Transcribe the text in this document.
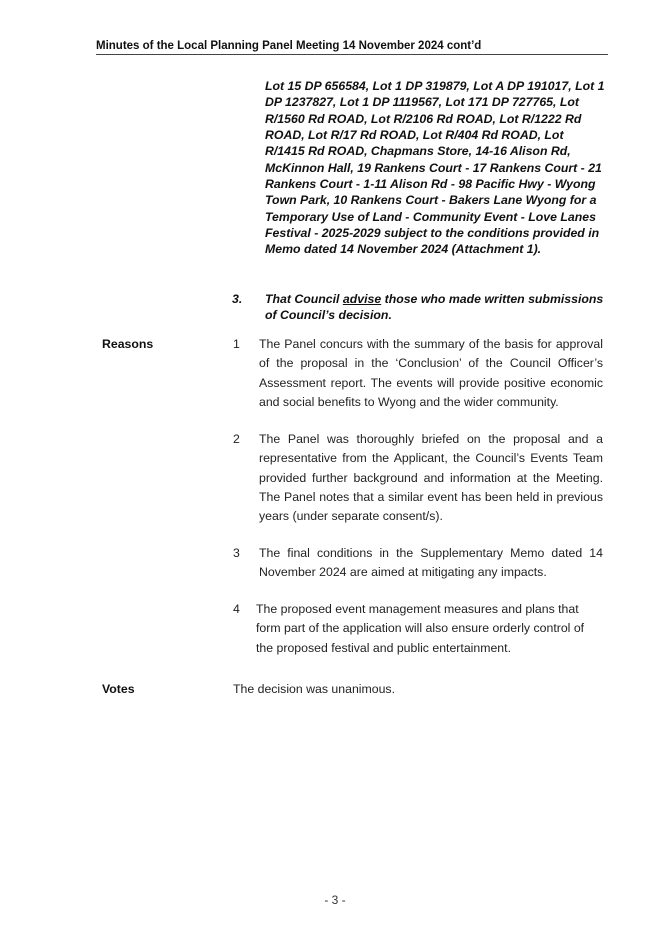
Minutes of the Local Planning Panel Meeting 14 November 2024 cont’d
Lot 15 DP 656584, Lot 1 DP 319879, Lot A DP 191017, Lot 1 DP 1237827, Lot 1 DP 1119567, Lot 171 DP 727765, Lot R/1560 Rd ROAD, Lot R/2106 Rd ROAD, Lot R/1222 Rd ROAD, Lot R/17 Rd ROAD, Lot R/404 Rd ROAD, Lot R/1415 Rd ROAD, Chapmans Store, 14-16 Alison Rd, McKinnon Hall, 19 Rankens Court - 17 Rankens Court - 21 Rankens Court - 1-11 Alison Rd - 98 Pacific Hwy - Wyong Town Park, 10 Rankens Court - Bakers Lane Wyong for a Temporary Use of Land - Community Event - Love Lanes Festival - 2025-2029 subject to the conditions provided in Memo dated 14 November 2024 (Attachment 1).
3. That Council advise those who made written submissions of Council’s decision.
Reasons	1 The Panel concurs with the summary of the basis for approval of the proposal in the ‘Conclusion’ of the Council Officer’s Assessment report. The events will provide positive economic and social benefits to Wyong and the wider community.
2 The Panel was thoroughly briefed on the proposal and a representative from the Applicant, the Council’s Events Team provided further background and information at the Meeting. The Panel notes that a similar event has been held in previous years (under separate consent/s).
3 The final conditions in the Supplementary Memo dated 14 November 2024 are aimed at mitigating any impacts.
4 The proposed event management measures and plans that form part of the application will also ensure orderly control of the proposed festival and public entertainment.
Votes	The decision was unanimous.
- 3 -
